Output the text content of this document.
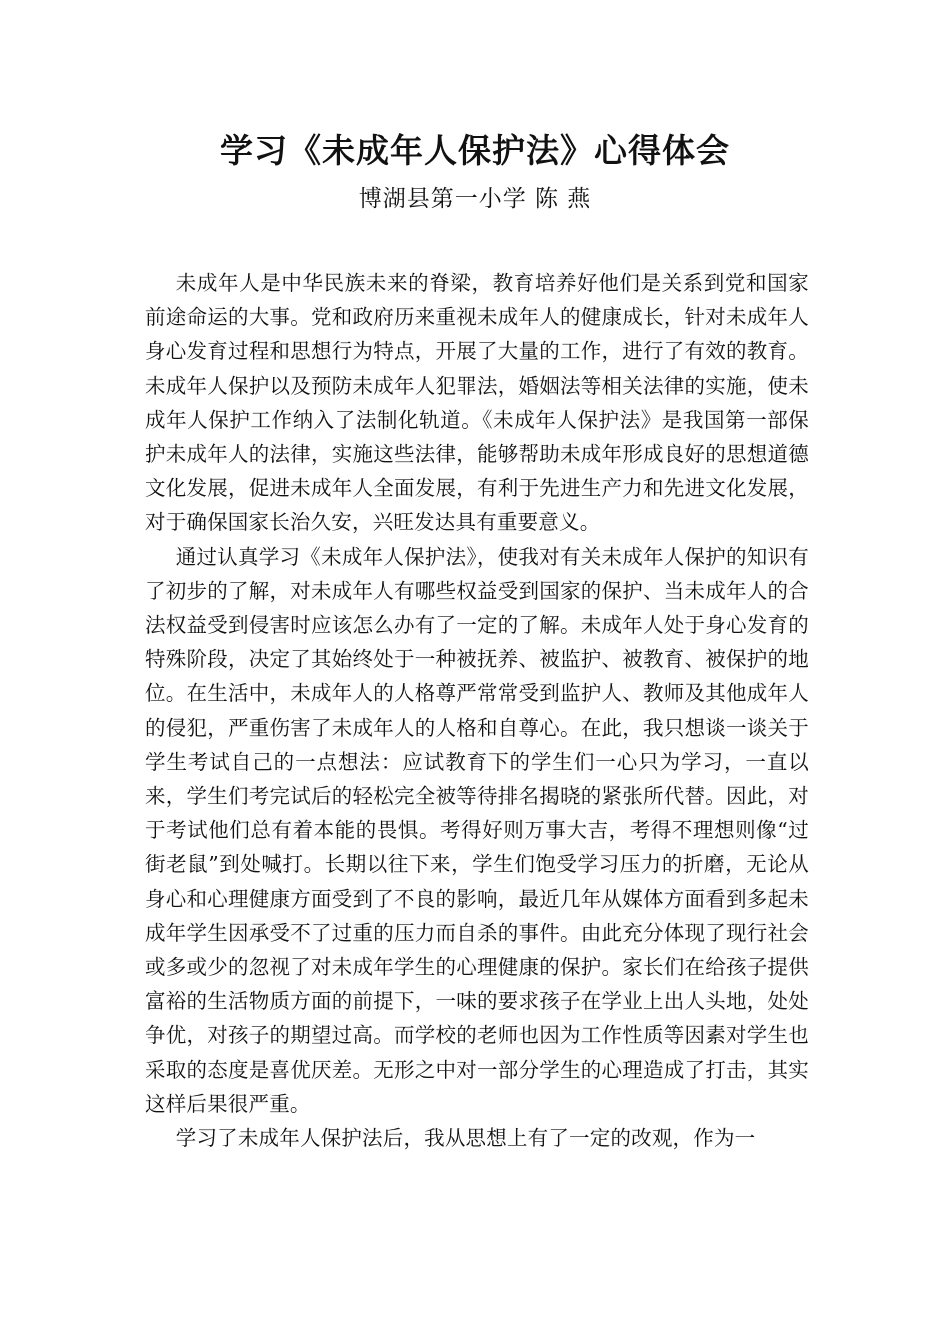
学习《未成年人保护法》心得体会
博湖县第一小学 陈 燕

未成年人是中华民族未来的脊梁，教育培养好他们是关系到党和国家前途命运的大事。党和政府历来重视未成年人的健康成长，针对未成年人身心发育过程和思想行为特点，开展了大量的工作，进行了有效的教育。未成年人保护以及预防未成年人犯罪法，婚姻法等相关法律的实施，使未成年人保护工作纳入了法制化轨道。《未成年人保护法》是我国第一部保护未成年人的法律，实施这些法律，能够帮助未成年形成良好的思想道德文化发展，促进未成年人全面发展，有利于先进生产力和先进文化发展，对于确保国家长治久安，兴旺发达具有重要意义。

通过认真学习《未成年人保护法》，使我对有关未成年人保护的知识有了初步的了解，对未成年人有哪些权益受到国家的保护、当未成年人的合法权益受到侵害时应该怎么办有了一定的了解。未成年人处于身心发育的特殊阶段，决定了其始终处于一种被抚养、被监护、被教育、被保护的地位。在生活中，未成年人的人格尊严常常受到监护人、教师及其他成年人的侵犯，严重伤害了未成年人的人格和自尊心。在此，我只想谈一谈关于学生考试自己的一点想法：应试教育下的学生们一心只为学习，一直以来，学生们考完试后的轻松完全被等待排名揭晓的紧张所代替。因此，对于考试他们总有着本能的畏惧。考得好则万事大吉，考得不理想则像“过街老鼠”到处喊打。长期以往下来，学生们饱受学习压力的折磨，无论从身心和心理健康方面受到了不良的影响，最近几年从媒体方面看到多起未成年学生因承受不了过重的压力而自杀的事件。由此充分体现了现行社会或多或少的忽视了对未成年学生的心理健康的保护。家长们在给孩子提供富裕的生活物质方面的前提下，一味的要求孩子在学业上出人头地，处处争优，对孩子的期望过高。而学校的老师也因为工作性质等因素对学生也采取的态度是喜优厌差。无形之中对一部分学生的心理造成了打击，其实这样后果很严重。

学习了未成年人保护法后，我从思想上有了一定的改观，作为一
